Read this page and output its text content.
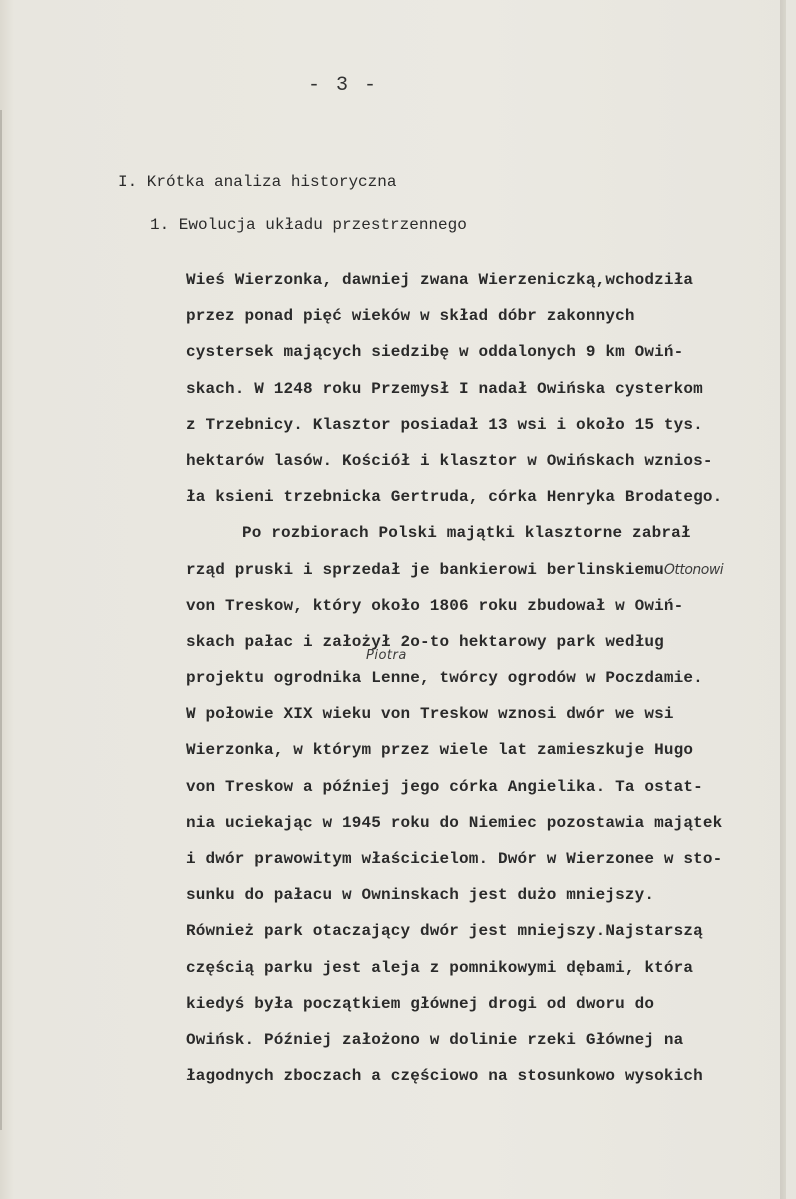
- 3 -
I. Krótka analiza historyczna
1. Ewolucja układu przestrzennego
Piotra
Wieś Wierzonka, dawniej zwana Wierzeniczką,wchodziła
przez ponad pięć wieków w skład dóbr zakonnych
cystersek mających siedzibę w oddalonych 9 km Owiń-
skach. W 1248 roku Przemysł I nadał Owińska cysterkom
z Trzebnicy. Klasztor posiadał 13 wsi i około 15 tys.
hektarów lasów. Kościół i klasztor w Owińskach wznios-
ła ksieni trzebnicka Gertruda, córka Henryka Brodatego.
Po rozbiorach Polski majątki klasztorne zabrał
rząd pruski i sprzedał je bankierowi berlinskiemuOttonowi
von Treskow, który około 1806 roku zbudował w Owiń-
skach pałac i założył 2o-to hektarowy park według
projektu ogrodnika Lenne, twórcy ogrodów w Poczdamie.
W połowie XIX wieku von Treskow wznosi dwór we wsi
Wierzonka, w którym przez wiele lat zamieszkuje Hugo
von Treskow a później jego córka Angielika. Ta ostat-
nia uciekając w 1945 roku do Niemiec pozostawia majątek
i dwór prawowitym właścicielom. Dwór w Wierzonee w sto-
sunku do pałacu w Owninskach jest dużo mniejszy.
Również park otaczający dwór jest mniejszy.Najstarszą
częścią parku jest aleja z pomnikowymi dębami, która
kiedyś była początkiem głównej drogi od dworu do
Owińsk. Później założono w dolinie rzeki Głównej na
łagodnych zboczach a częściowo na stosunkowo wysokich
